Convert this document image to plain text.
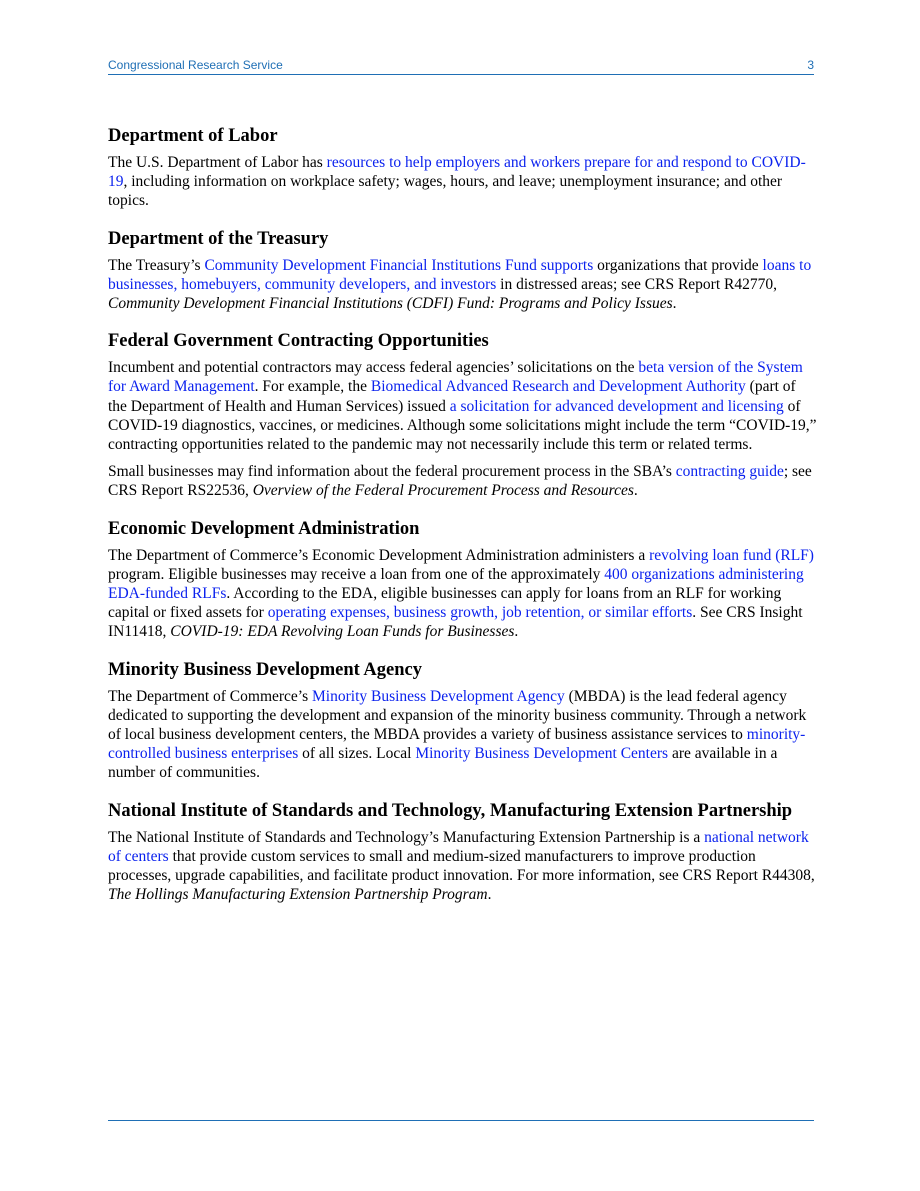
Congressional Research Service	3
Department of Labor

The U.S. Department of Labor has resources to help employers and workers prepare for and respond to COVID-19, including information on workplace safety; wages, hours, and leave; unemployment insurance; and other topics.

Department of the Treasury

The Treasury’s Community Development Financial Institutions Fund supports organizations that provide loans to businesses, homebuyers, community developers, and investors in distressed areas; see CRS Report R42770, Community Development Financial Institutions (CDFI) Fund: Programs and Policy Issues.

Federal Government Contracting Opportunities

Incumbent and potential contractors may access federal agencies’ solicitations on the beta version of the System for Award Management. For example, the Biomedical Advanced Research and Development Authority (part of the Department of Health and Human Services) issued a solicitation for advanced development and licensing of COVID-19 diagnostics, vaccines, or medicines. Although some solicitations might include the term “COVID-19,” contracting opportunities related to the pandemic may not necessarily include this term or related terms.

Small businesses may find information about the federal procurement process in the SBA’s contracting guide; see CRS Report RS22536, Overview of the Federal Procurement Process and Resources.

Economic Development Administration

The Department of Commerce’s Economic Development Administration administers a revolving loan fund (RLF) program. Eligible businesses may receive a loan from one of the approximately 400 organizations administering EDA-funded RLFs. According to the EDA, eligible businesses can apply for loans from an RLF for working capital or fixed assets for operating expenses, business growth, job retention, or similar efforts. See CRS Insight IN11418, COVID-19: EDA Revolving Loan Funds for Businesses.

Minority Business Development Agency

The Department of Commerce’s Minority Business Development Agency (MBDA) is the lead federal agency dedicated to supporting the development and expansion of the minority business community. Through a network of local business development centers, the MBDA provides a variety of business assistance services to minority-controlled business enterprises of all sizes. Local Minority Business Development Centers are available in a number of communities.

National Institute of Standards and Technology, Manufacturing Extension Partnership

The National Institute of Standards and Technology’s Manufacturing Extension Partnership is a national network of centers that provide custom services to small and medium-sized manufacturers to improve production processes, upgrade capabilities, and facilitate product innovation. For more information, see CRS Report R44308, The Hollings Manufacturing Extension Partnership Program.
